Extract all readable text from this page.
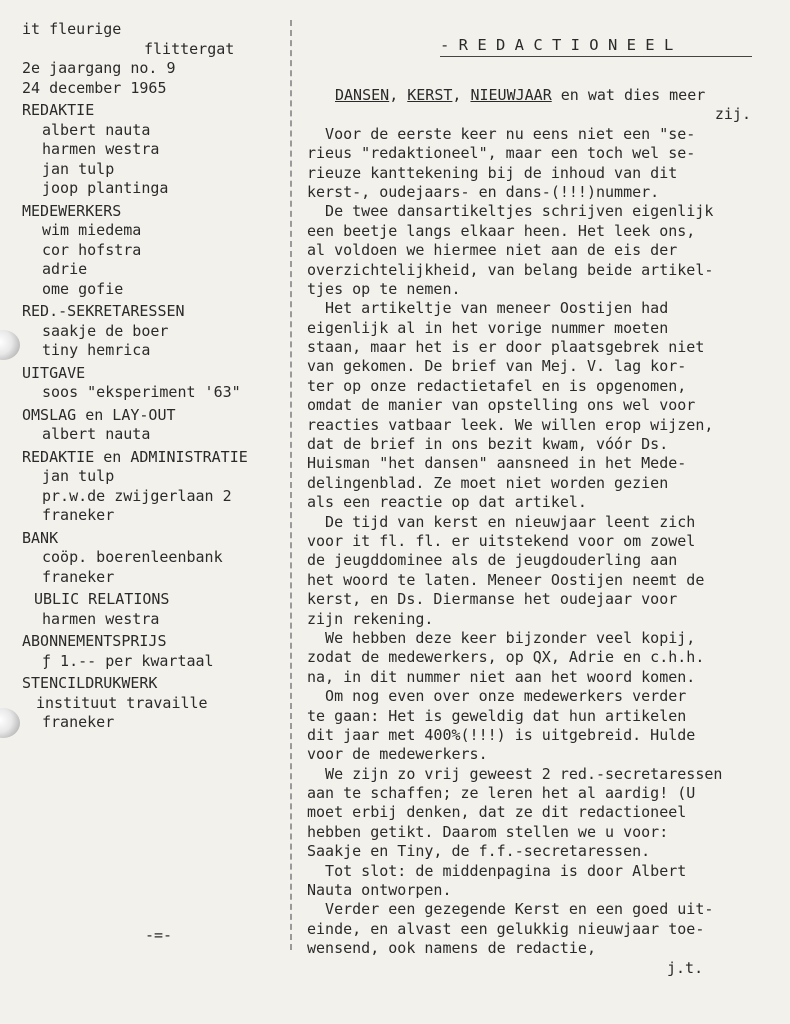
it fleurige
flittergat
2e jaargang no. 9
24 december 1965
REDAKTIE
albert nauta
harmen westra
jan tulp
joop plantinga
MEDEWERKERS
wim miedema
cor hofstra
adrie
ome gofie
RED.-SEKRETARESSEN
saakje de boer
tiny hemrica
UITGAVE
soos "eksperiment '63"
OMSLAG en LAY-OUT
albert nauta
REDAKTIE en ADMINISTRATIE
jan tulp
pr.w.de zwijgerlaan 2
franeker
BANK
coöp. boerenleenbank
franeker
UBLIC RELATIONS
harmen westra
ABONNEMENTSPRIJS
ƒ 1.-- per kwartaal
STENCILDRUKWERK
instituut travaille
franeker
-=-
- R E D A C T I O N E E L
DANSEN, KERST, NIEUWJAAR en wat dies meer
zij.
Voor de eerste keer nu eens niet een "se-
rieus "redaktioneel", maar een toch wel se-
rieuze kanttekening bij de inhoud van dit
kerst-, oudejaars- en dans-(!!!)nummer.
De twee dansartikeltjes schrijven eigenlijk
een beetje langs elkaar heen. Het leek ons,
al voldoen we hiermee niet aan de eis der
overzichtelijkheid, van belang beide artikel-
tjes op te nemen.
Het artikeltje van meneer Oostijen had
eigenlijk al in het vorige nummer moeten
staan, maar het is er door plaatsgebrek niet
van gekomen. De brief van Mej. V. lag kor-
ter op onze redactietafel en is opgenomen,
omdat de manier van opstelling ons wel voor
reacties vatbaar leek. We willen erop wijzen,
dat de brief in ons bezit kwam, vóór Ds.
Huisman "het dansen" aansneed in het Mede-
delingenblad. Ze moet niet worden gezien
als een reactie op dat artikel.
De tijd van kerst en nieuwjaar leent zich
voor it fl. fl. er uitstekend voor om zowel
de jeugddominee als de jeugdouderling aan
het woord te laten. Meneer Oostijen neemt de
kerst, en Ds. Diermanse het oudejaar voor
zijn rekening.
We hebben deze keer bijzonder veel kopij,
zodat de medewerkers, op QX, Adrie en c.h.h.
na, in dit nummer niet aan het woord komen.
Om nog even over onze medewerkers verder
te gaan: Het is geweldig dat hun artikelen
dit jaar met 400%(!!!) is uitgebreid. Hulde
voor de medewerkers.
We zijn zo vrij geweest 2 red.-secretaressen
aan te schaffen; ze leren het al aardig! (U
moet erbij denken, dat ze dit redactioneel
hebben getikt. Daarom stellen we u voor:
Saakje en Tiny, de f.f.-secretaressen.
Tot slot: de middenpagina is door Albert
Nauta ontworpen.
Verder een gezegende Kerst en een goed uit-
einde, en alvast een gelukkig nieuwjaar toe-
wensend, ook namens de redactie,
j.t.
